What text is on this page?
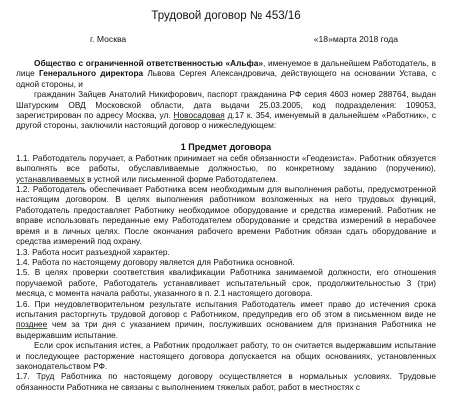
Трудовой договор № 453/16
г. Москва	«18»марта 2018 года

Общество с ограниченной ответственностью «Альфа», именуемое в дальнейшем Работодатель, в лице Генерального директора Львова Сергея Александровича, действующего на основании Устава, с одной стороны, и

гражданин Зайцев Анатолий Никифорович, паспорт гражданина РФ серия 4603 номер 288764, выдан Шатурским ОВД Московской области, дата выдачи 25.03.2005, код подразделения: 109053, зарегистрирован по адресу Москва, ул. Новосадовая д.17 к. 354, именуемый в дальнейшем «Работник», с другой стороны, заключили настоящий договор о нижеследующем:

1 Предмет договора

1.1. Работодатель поручает, а Работник принимает на себя обязанности «Геодезиста». Работник обязуется выполнять все работы, обуславливаемые должностью, по конкретному заданию (поручению), устанавливаемых в устной или письменной форме Работодателем.

1.2. Работодатель обеспечивает Работника всем необходимым для выполнения работы, предусмотренной настоящим договором. В целях выполнения работником возложенных на него трудовых функций, Работодатель предоставляет Работнику необходимое оборудование и средства измерений. Работник не вправе использовать переданные ему Работодателем оборудование и средства измерений в нерабочее время и в личных целях. После окончания рабочего времени Работник обязан сдать оборудование и средства измерений под охрану.

1.3. Работа носит разъездной характер.

1.4. Работа по настоящему договору является для Работника основной.

1.5. В целях проверки соответствия квалификации Работника занимаемой должности, его отношения поручаемой работе, Работодатель устанавливает испытательный срок, продолжительностью 3 (три) месяца, с момента начала работы, указанного в п. 2.1 настоящего договора.

1.6. При неудовлетворительном результате испытания Работодатель имеет право до истечения срока испытания расторгнуть трудовой договор с Работником, предупредив его об этом в письменном виде не позднее чем за три дня с указанием причин, послуживших основанием для признания Работника не выдержавшим испытание.

Если срок испытания истек, а Работник продолжает работу, то он считается выдержавшим испытание и последующее расторжение настоящего договора допускается на общих основаниях, установленных законодательством РФ.

1.7. Труд Работника по настоящему договору осуществляется в нормальных условиях. Трудовые обязанности Работника не связаны с выполнением тяжелых работ, работ в местностях с
